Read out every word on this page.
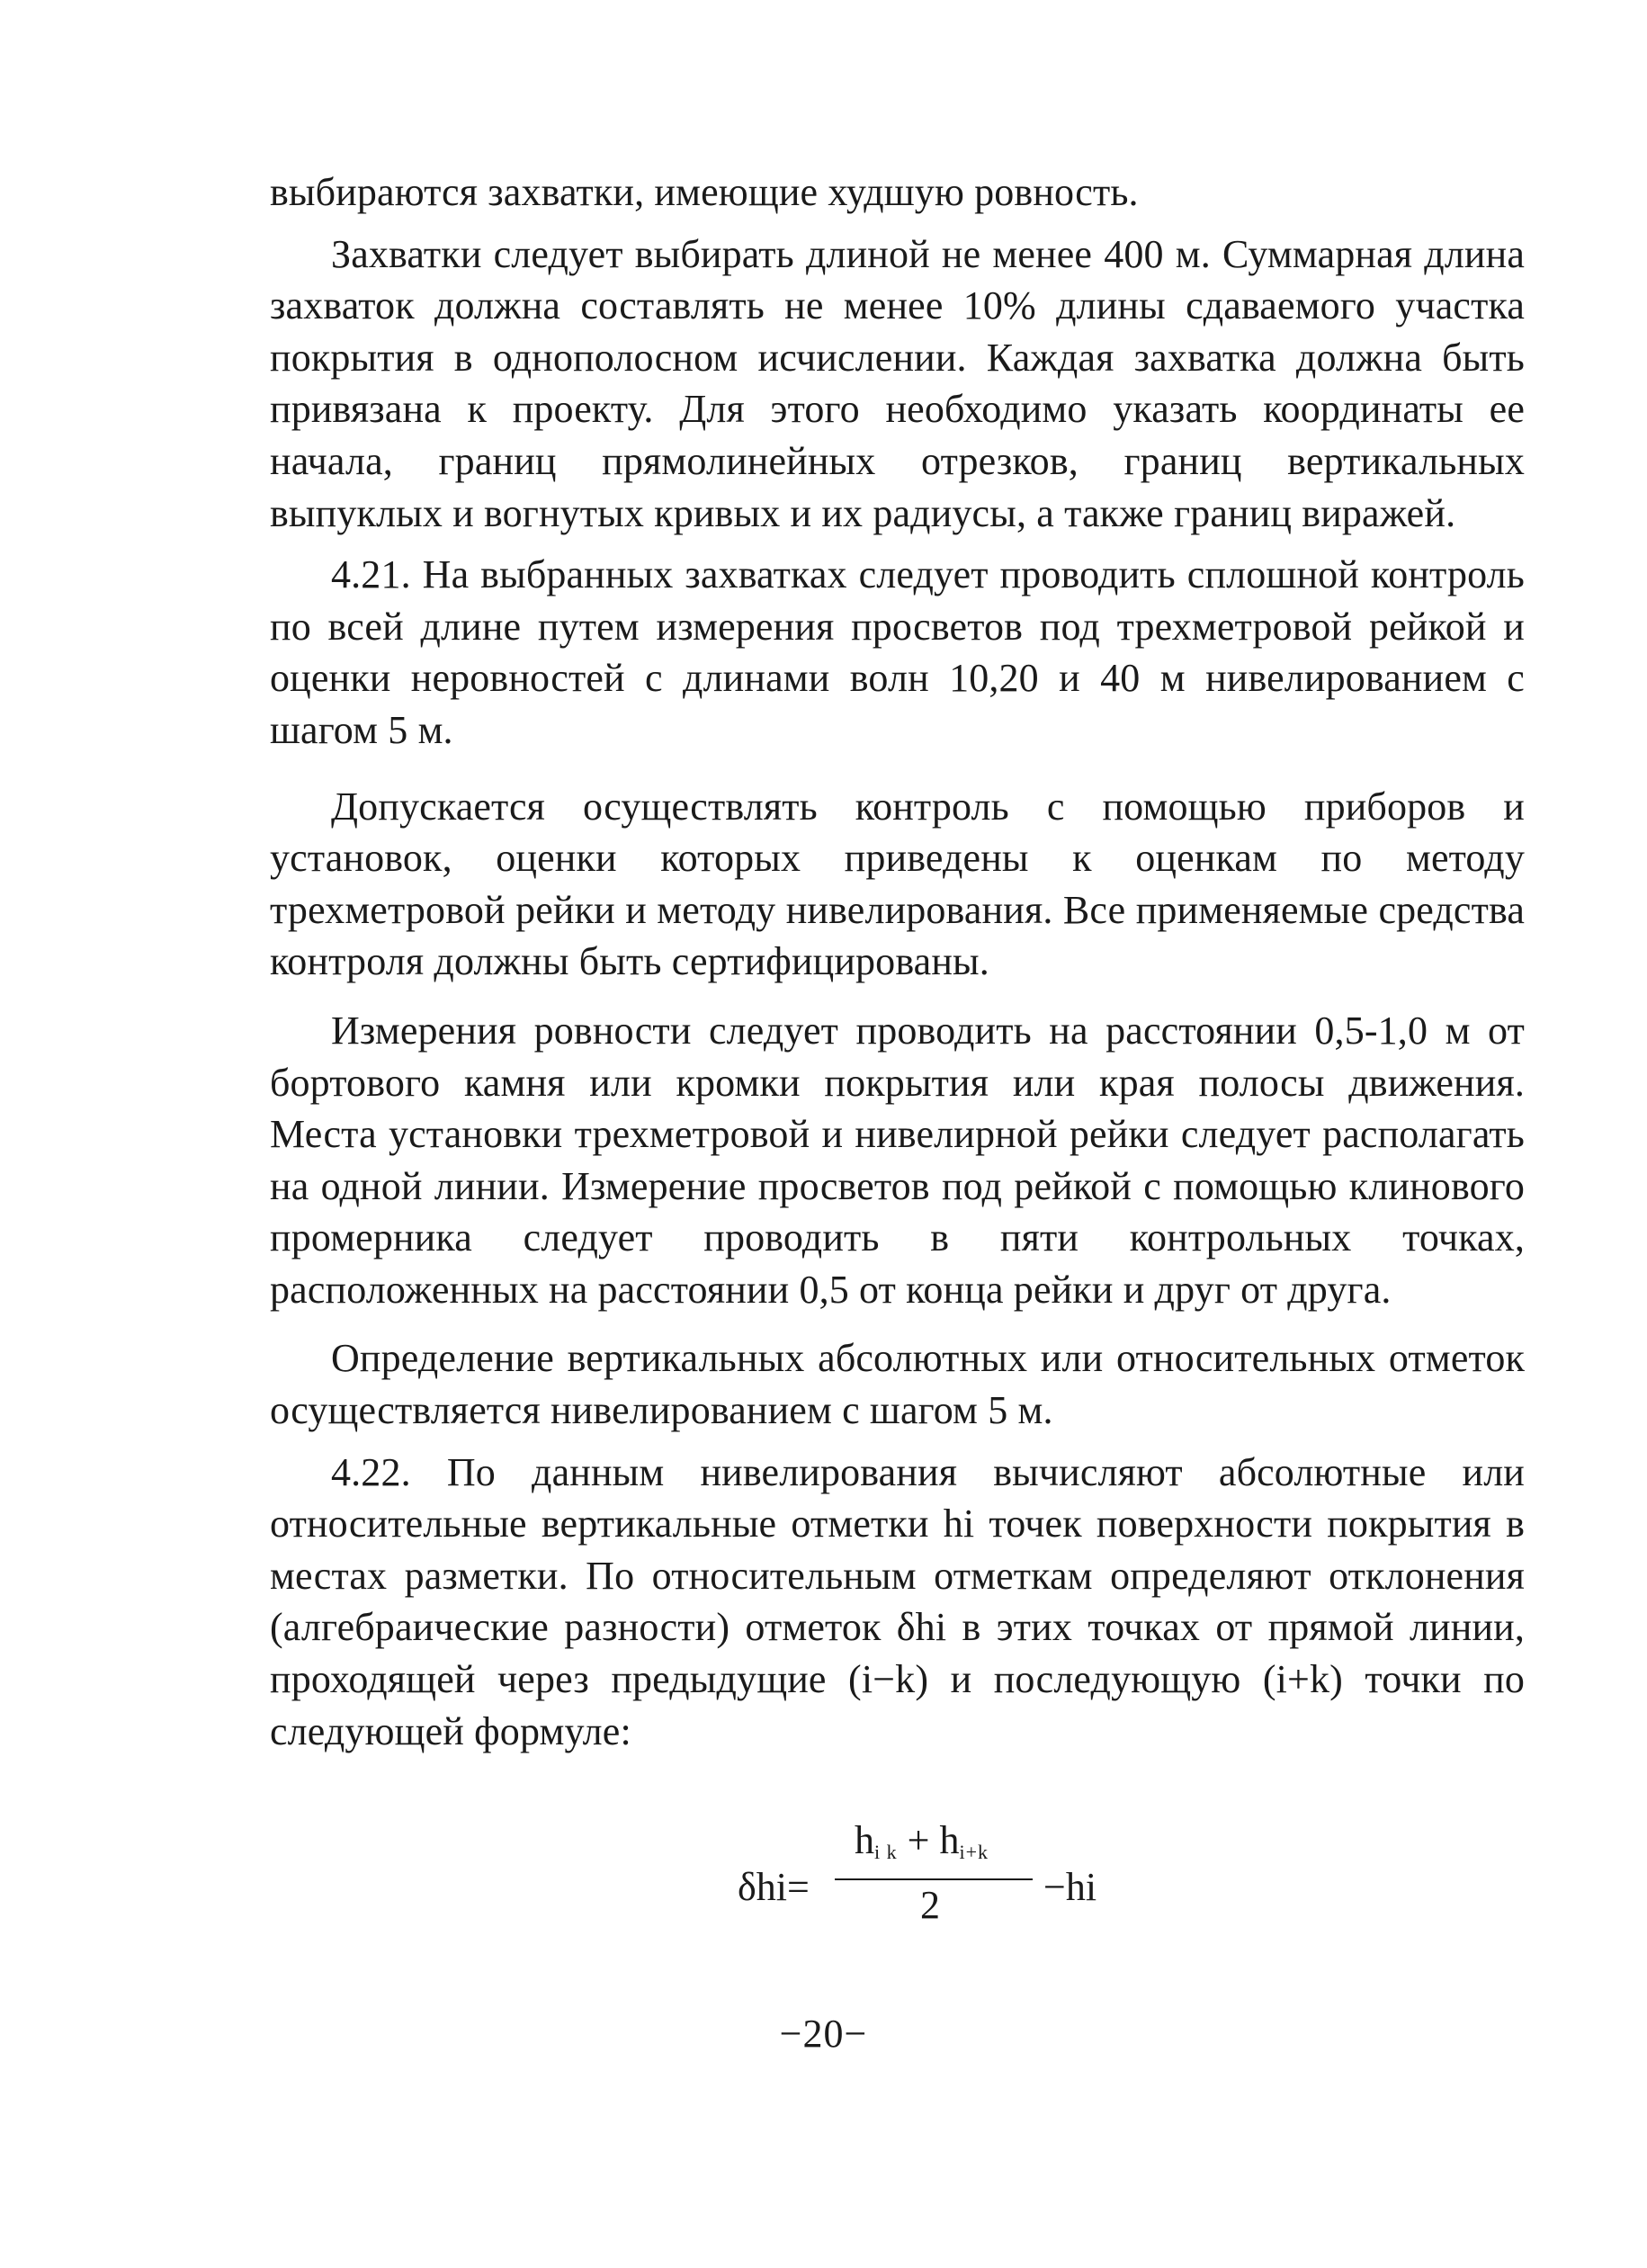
выбираются захватки, имеющие худшую ровность.

Захватки следует выбирать длиной не менее 400 м. Суммарная длина захваток должна составлять не менее 10% длины сдаваемого участка покрытия в однополосном исчислении. Каждая захватка должна быть привязана к проекту. Для этого необходимо указать координаты ее начала, границ прямолинейных отрезков, границ вертикальных выпуклых и вогнутых кривых и их радиусы, а также границ виражей.

4.21. На выбранных захватках следует проводить сплошной контроль по всей длине путем измерения просветов под трехметровой рейкой и оценки неровностей с длинами волн 10,20 и 40 м нивелированием с шагом 5 м.

Допускается осуществлять контроль с помощью приборов и установок, оценки которых приведены к оценкам по методу трехметровой рейки и методу нивелирования. Все применяемые средства контроля должны быть сертифицированы.

Измерения ровности следует проводить на расстоянии 0,5-1,0 м от бортового камня или кромки покрытия или края полосы движения. Места установки трехметровой и нивелирной рейки следует располагать на одной линии. Измерение просветов под рейкой с помощью клинового промерника следует проводить в пяти контрольных точках, расположенных на расстоянии 0,5 от конца рейки и друг от друга.

Определение вертикальных абсолютных или относительных отметок осуществляется нивелированием с шагом 5 м.

4.22. По данным нивелирования вычисляют абсолютные или относительные вертикальные отметки hi точек поверхности покрытия в местах разметки. По относительным отметкам определяют отклонения (алгебраические разности) отметок δhi в этих точках от прямой линии, проходящей через предыдущие (i−k) и последующую (i+k) точки по следующей формуле:

δhi=
$h_{i k} + h_{i+k}$
2	−hi
−20−
